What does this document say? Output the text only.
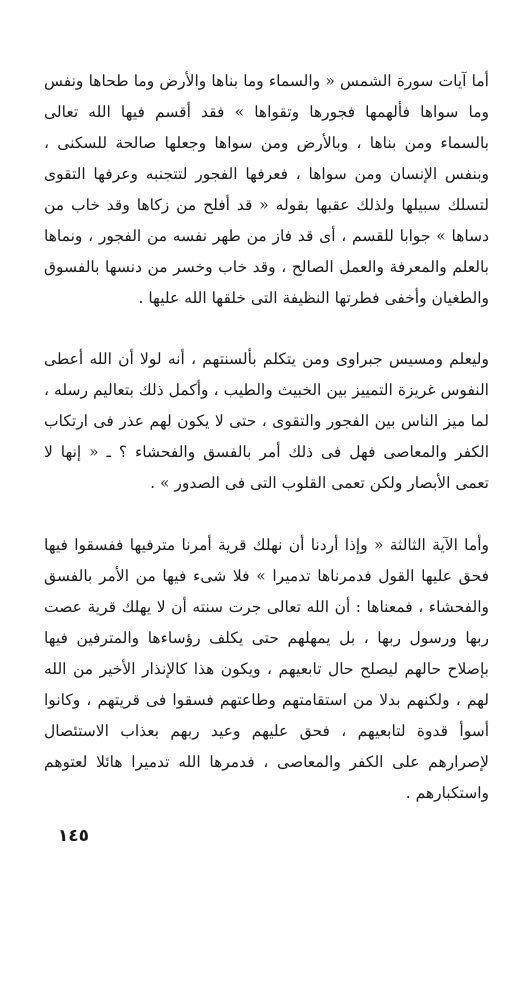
أما آيات سورة الشمس « والسماء وما بناها والأرض وما طحاها ونفس وما سواها فألهمها فجورها وتقواها » فقد أقسم فيها الله تعالى بالسماء ومن بناها ، وبالأرض ومن سواها وجعلها صالحة للسكنى ، وبنفس الإنسان ومن سواها ، فعرفها الفجور لتتجنبه وعرفها التقوى لتسلك سبيلها ولذلك عقبها بقوله « قد أفلح من زكاها وقد خاب من دساها » جوابا للقسم ، أى قد فاز من طهر نفسه من الفجور ، ونماها بالعلم والمعرفة والعمل الصالح ، وقد خاب وخسر من دنسها بالفسوق والطغيان وأخفى فطرتها النظيفة التى خلقها الله عليها .

وليعلم ومسيس جبراوى ومن يتكلم بألسنتهم ، أنه لولا أن الله أعطى النفوس غريزة التمييز بين الخبيث والطيب ، وأكمل ذلك بتعاليم رسله ، لما ميز الناس بين الفجور والتقوى ، حتى لا يكون لهم عذر فى ارتكاب الكفر والمعاصى فهل فى ذلك أمر بالفسق والفحشاء ؟ ـ « إنها لا تعمى الأبصار ولكن تعمى القلوب التى فى الصدور » .

وأما الآية الثالثة « وإذا أردنا أن نهلك قرية أمرنا مترفيها ففسقوا فيها فحق عليها القول فدمرناها تدميرا » فلا شىء فيها من الأمر بالفسق والفحشاء ، فمعناها : أن الله تعالى جرت سنته أن لا يهلك قرية عصت ربها ورسول ربها ، بل يمهلهم حتى يكلف رؤساءها والمترفين فيها بإصلاح حالهم ليصلح حال تابعيهم ، ويكون هذا كالإنذار الأخير من الله لهم ، ولكنهم بدلا من استقامتهم وطاعتهم فسقوا فى قريتهم ، وكانوا أسوأ قدوة لتابعيهم ، فحق عليهم وعيد ربهم بعذاب الاستئصال لإصرارهم على الكفر والمعاصى ، فدمرها الله تدميرا هائلا لعتوهم واستكبارهم .

١٤٥
